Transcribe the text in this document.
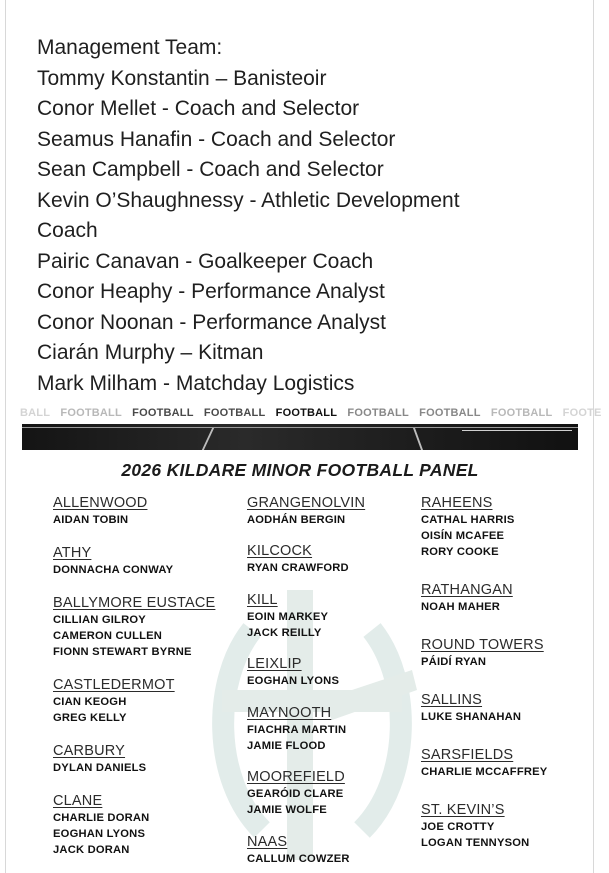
Management Team:
Tommy Konstantin – Banisteoir
Conor Mellet - Coach and Selector
Seamus Hanafin - Coach and Selector
Sean Campbell - Coach and Selector
Kevin O’Shaughnessy - Athletic Development
Coach
Pairic Canavan - Goalkeeper Coach
Conor Heaphy - Performance Analyst
Conor Noonan - Performance Analyst
Ciarán Murphy – Kitman
Mark Milham - Matchday Logistics
BALL FOOTBALL FOOTBALL FOOTBALL FOOTBALL FOOTBALL FOOTBALL FOOTBALL FOOTE
2026 KILDARE MINOR FOOTBALL PANEL
ALLENWOOD
AIDAN TOBIN
ATHY
DONNACHA CONWAY
BALLYMORE EUSTACE
CILLIAN GILROY
CAMERON CULLEN
FIONN STEWART BYRNE
CASTLEDERMOT
CIAN KEOGH
GREG KELLY
CARBURY
DYLAN DANIELS
CLANE
CHARLIE DORAN
EOGHAN LYONS
JACK DORAN
GRANGENOLVIN
AODHÁN BERGIN
KILCOCK
RYAN CRAWFORD
KILL
EOIN MARKEY
JACK REILLY
LEIXLIP
EOGHAN LYONS
MAYNOOTH
FIACHRA MARTIN
JAMIE FLOOD
MOOREFIELD
GEARÓID CLARE
JAMIE WOLFE
NAAS
CALLUM COWZER
RAHEENS
CATHAL HARRIS
OISÍN MCAFEE
RORY COOKE
RATHANGAN
NOAH MAHER
ROUND TOWERS
PÁIDÍ RYAN
SALLINS
LUKE SHANAHAN
SARSFIELDS
CHARLIE MCCAFFREY
ST. KEVIN’S
JOE CROTTY
LOGAN TENNYSON
